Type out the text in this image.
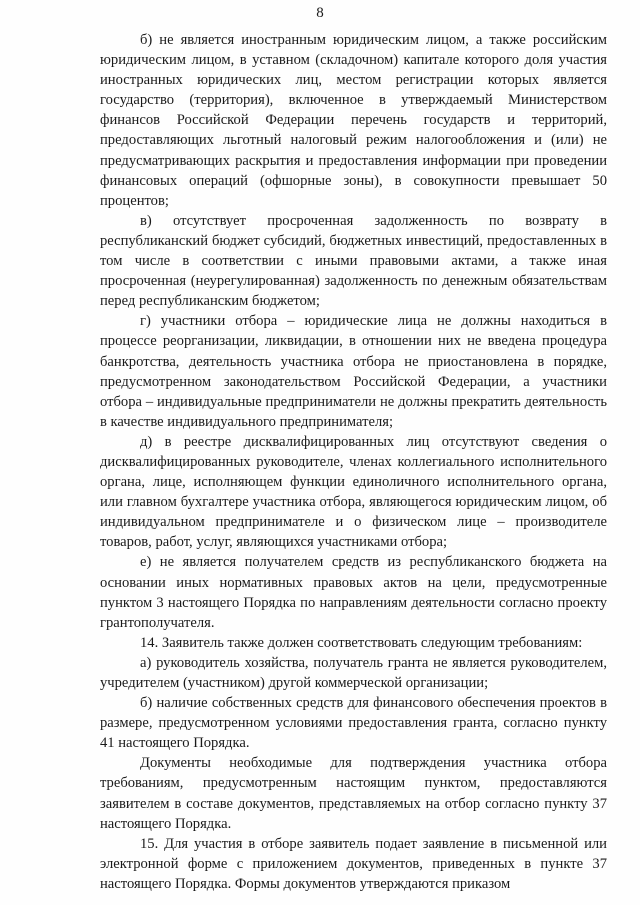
8

б) не является иностранным юридическим лицом, а также российским юридическим лицом, в уставном (складочном) капитале которого доля участия иностранных юридических лиц, местом регистрации которых является государство (территория), включенное в утверждаемый Министерством финансов Российской Федерации перечень государств и территорий, предоставляющих льготный налоговый режим налогообложения и (или) не предусматривающих раскрытия и предоставления информации при проведении финансовых операций (офшорные зоны), в совокупности превышает 50 процентов;

в) отсутствует просроченная задолженность по возврату в республиканский бюджет субсидий, бюджетных инвестиций, предоставленных в том числе в соответствии с иными правовыми актами, а также иная просроченная (неурегулированная) задолженность по денежным обязательствам перед республиканским бюджетом;

г) участники отбора – юридические лица не должны находиться в процессе реорганизации, ликвидации, в отношении них не введена процедура банкротства, деятельность участника отбора не приостановлена в порядке, предусмотренном законодательством Российской Федерации, а участники отбора – индивидуальные предприниматели не должны прекратить деятельность в качестве индивидуального предпринимателя;

д) в реестре дисквалифицированных лиц отсутствуют сведения о дисквалифицированных руководителе, членах коллегиального исполнительного органа, лице, исполняющем функции единоличного исполнительного органа, или главном бухгалтере участника отбора, являющегося юридическим лицом, об индивидуальном предпринимателе и о физическом лице – производителе товаров, работ, услуг, являющихся участниками отбора;

е) не является получателем средств из республиканского бюджета на основании иных нормативных правовых актов на цели, предусмотренные пунктом 3 настоящего Порядка по направлениям деятельности согласно проекту грантополучателя.

14. Заявитель также должен соответствовать следующим требованиям:

а) руководитель хозяйства, получатель гранта не является руководителем, учредителем (участником) другой коммерческой организации;

б) наличие собственных средств для финансового обеспечения проектов в размере, предусмотренном условиями предоставления гранта, согласно пункту 41 настоящего Порядка.

Документы необходимые для подтверждения участника отбора требованиям, предусмотренным настоящим пунктом, предоставляются заявителем в составе документов, представляемых на отбор согласно пункту 37 настоящего Порядка.

15. Для участия в отборе заявитель подает заявление в письменной или электронной форме с приложением документов, приведенных в пункте 37 настоящего Порядка. Формы документов утверждаются приказом
